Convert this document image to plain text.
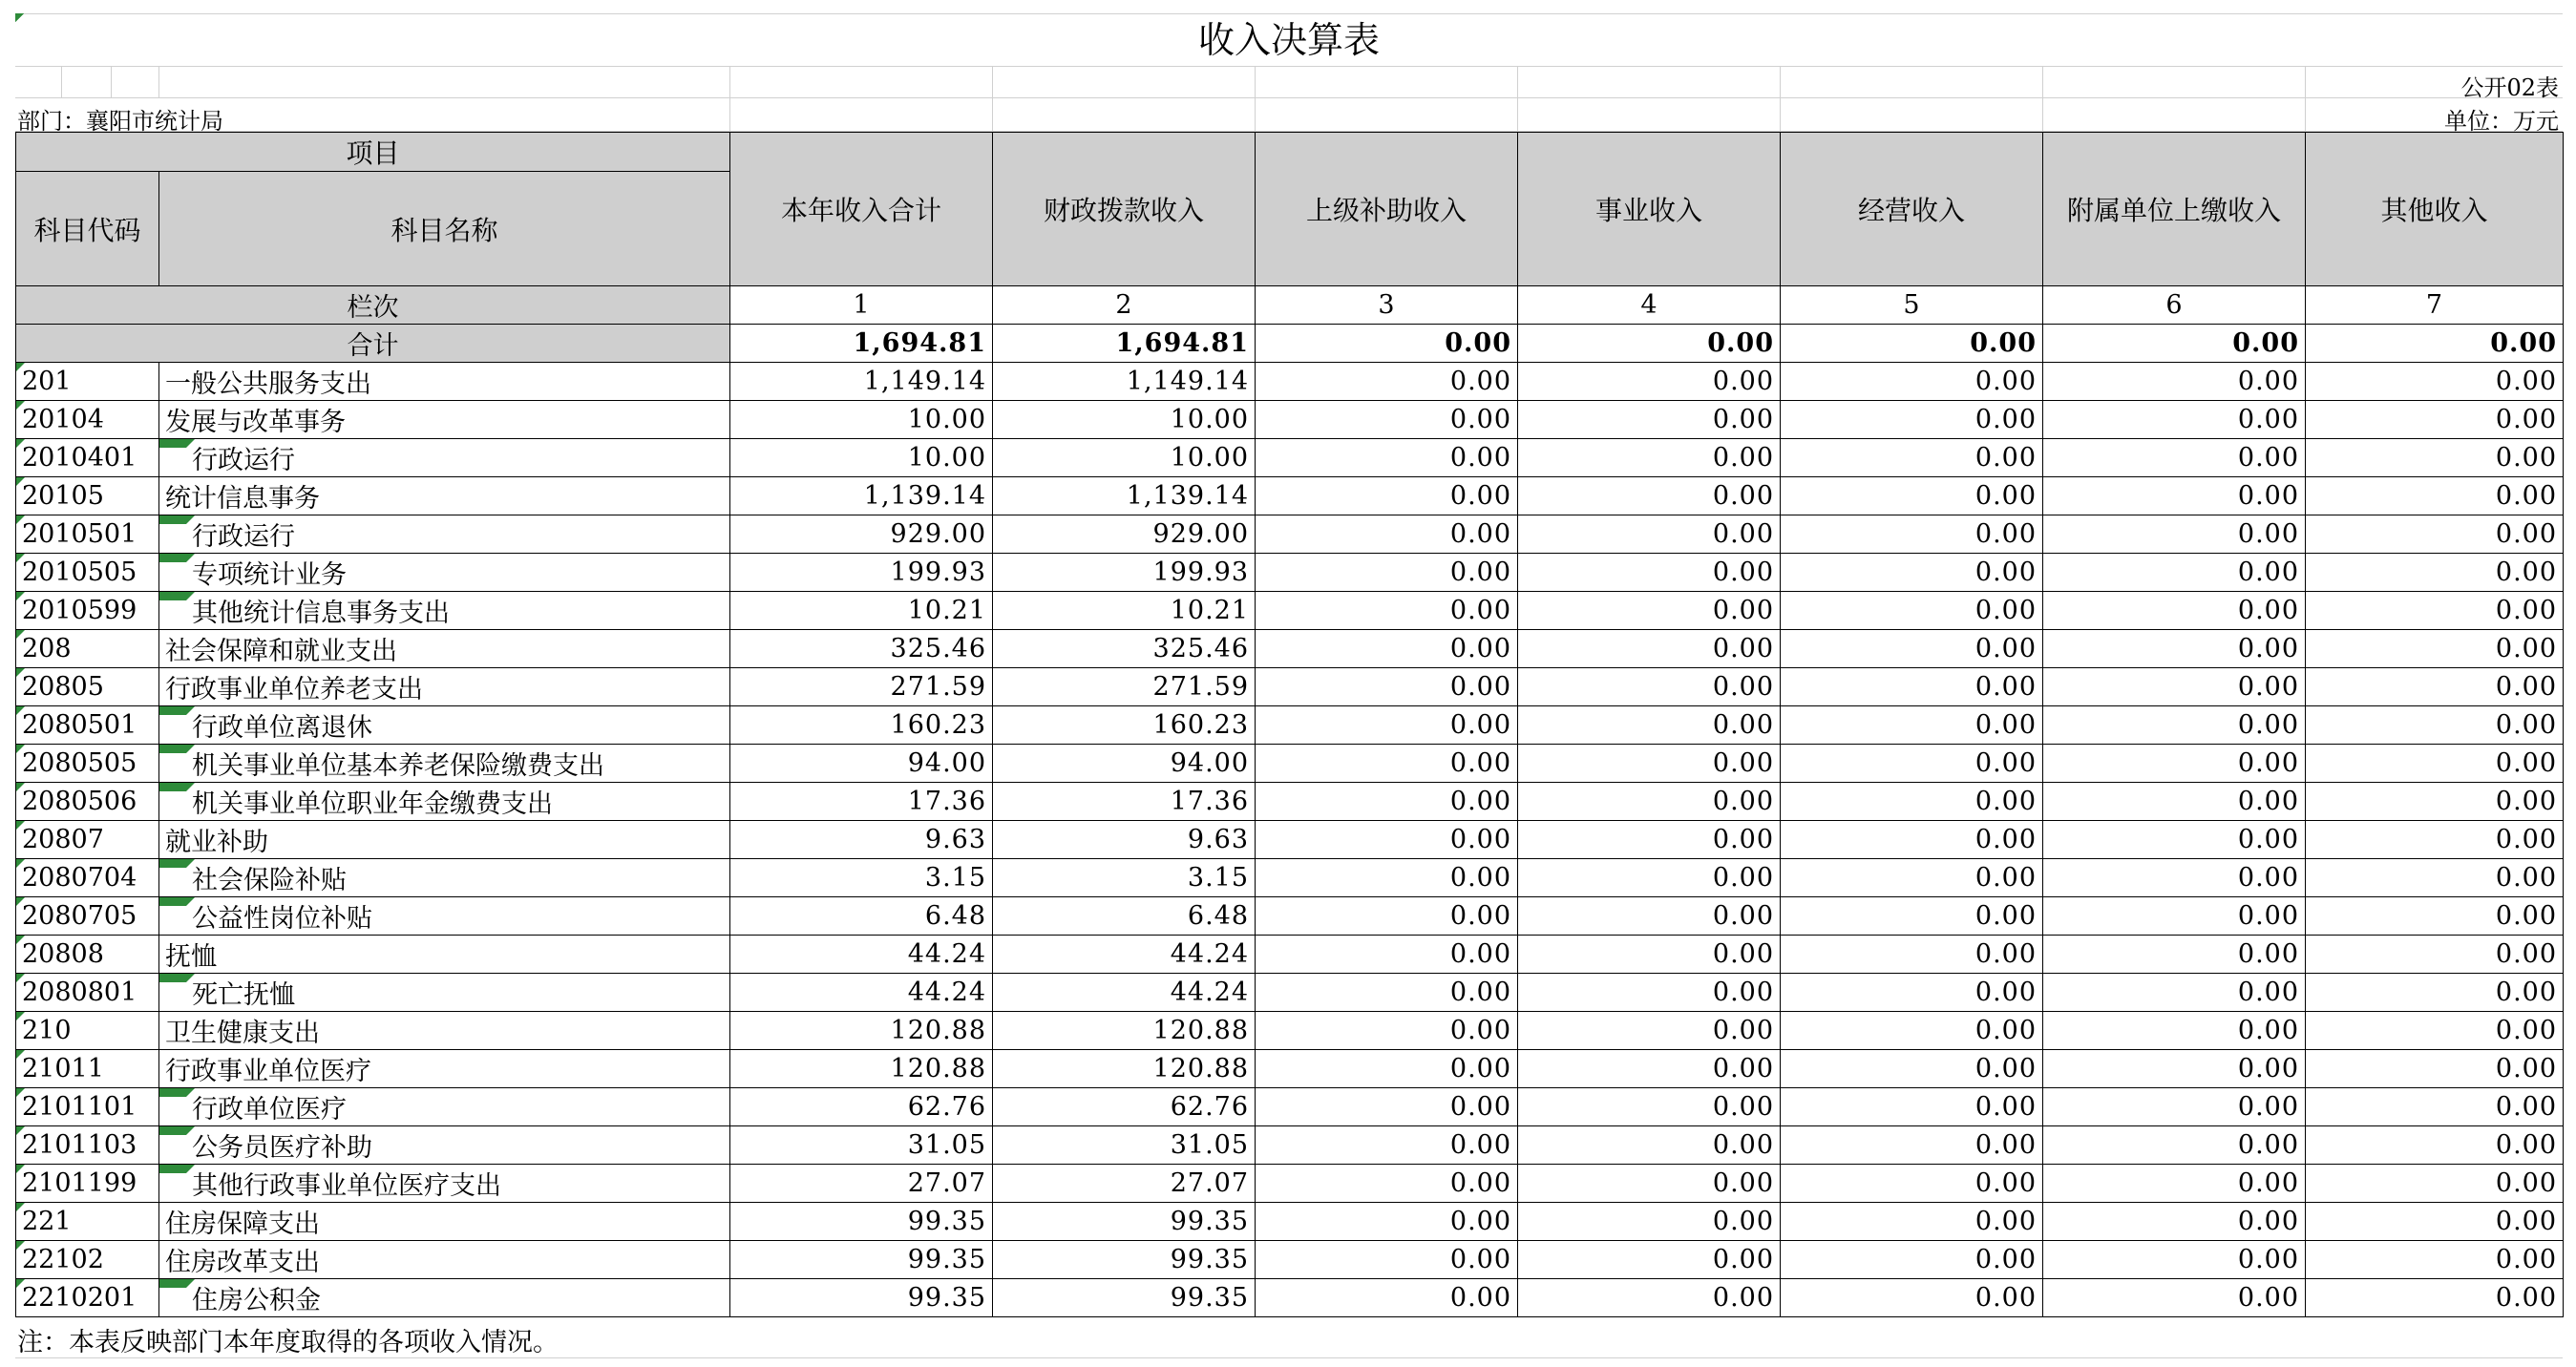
收入决算表
公开02表
部门：襄阳市统计局	单位：万元
项目		本年收入合计	财政拨款收入	上级补助收入	事业收入	经营收入	附属单位上缴收入	其他收入
科目代码	科目名称							
栏次		1	2	3	4	5	6	7
合计		1,694.81	1,694.81	0.00	0.00	0.00	0.00	0.00

201	一般公共服务支出	1,149.14	1,149.14	0.00	0.00	0.00	0.00	0.00

20104	发展与改革事务	10.00	10.00	0.00	0.00	0.00	0.00	0.00

2010401	行政运行	10.00	10.00	0.00	0.00	0.00	0.00	0.00

20105	统计信息事务	1,139.14	1,139.14	0.00	0.00	0.00	0.00	0.00

2010501	行政运行	929.00	929.00	0.00	0.00	0.00	0.00	0.00

2010505	专项统计业务	199.93	199.93	0.00	0.00	0.00	0.00	0.00

2010599	其他统计信息事务支出	10.21	10.21	0.00	0.00	0.00	0.00	0.00

208	社会保障和就业支出	325.46	325.46	0.00	0.00	0.00	0.00	0.00

20805	行政事业单位养老支出	271.59	271.59	0.00	0.00	0.00	0.00	0.00

2080501	行政单位离退休	160.23	160.23	0.00	0.00	0.00	0.00	0.00

2080505	机关事业单位基本养老保险缴费支出	94.00	94.00	0.00	0.00	0.00	0.00	0.00

2080506	机关事业单位职业年金缴费支出	17.36	17.36	0.00	0.00	0.00	0.00	0.00

20807	就业补助	9.63	9.63	0.00	0.00	0.00	0.00	0.00

2080704	社会保险补贴	3.15	3.15	0.00	0.00	0.00	0.00	0.00

2080705	公益性岗位补贴	6.48	6.48	0.00	0.00	0.00	0.00	0.00

20808	抚恤	44.24	44.24	0.00	0.00	0.00	0.00	0.00

2080801	死亡抚恤	44.24	44.24	0.00	0.00	0.00	0.00	0.00

210	卫生健康支出	120.88	120.88	0.00	0.00	0.00	0.00	0.00

21011	行政事业单位医疗	120.88	120.88	0.00	0.00	0.00	0.00	0.00

2101101	行政单位医疗	62.76	62.76	0.00	0.00	0.00	0.00	0.00

2101103	公务员医疗补助	31.05	31.05	0.00	0.00	0.00	0.00	0.00

2101199	其他行政事业单位医疗支出	27.07	27.07	0.00	0.00	0.00	0.00	0.00

221	住房保障支出	99.35	99.35	0.00	0.00	0.00	0.00	0.00

22102	住房改革支出	99.35	99.35	0.00	0.00	0.00	0.00	0.00

2210201	住房公积金	99.35	99.35	0.00	0.00	0.00	0.00	0.00
注：本表反映部门本年度取得的各项收入情况。
